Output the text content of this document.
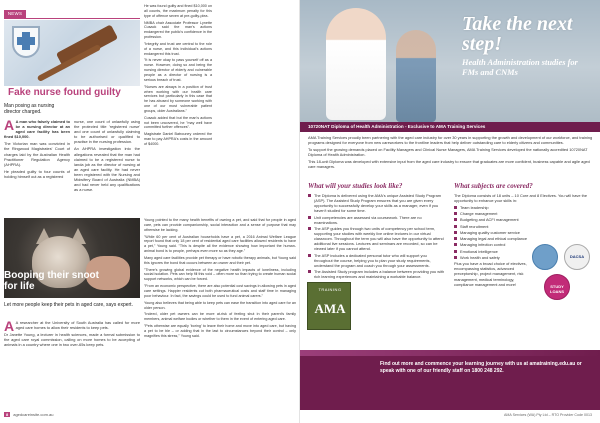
NEWS
Fake nurse found guilty
Man posing as nursing director charged.

A A man who falsely claimed to be a nursing director at an aged care facility has been fined $10,000.

The Victorian man was convicted in the Ringwood Magistrates' Court of charges laid by the Australian Health Practitioner Regulation Agency (AHPRA).

He pleaded guilty to four counts of holding himself out as a registered

nurse, one count of unlawfully using the protected title 'registered nurse' and one count of unlawfully claiming to be authorised or qualified to practise in the nursing profession.

An AHPRA investigation into the allegations revealed that the man had claimed to be a registered nurse to landa job as the director of nursing at an aged care facility. He had never been registered with the Nursing and Midwifery Board of Australia (NMBA) and had never held any qualifications as a nurse.

He was found guilty and fined $10,000 on all counts, the maximum penalty for this type of offence seven at pre-guilty-plea.

NMBA chair Associate Professor Lynette Cusack said the man's actions endangered the public's confidence in the profession.

"Integrity and trust are central to the role of a nurse, and this individual's actions endangered this trust.

"It is never okay to pass yourself off as a nurse. However, doing so and being the nursing director of elderly and vulnerable people as a director of nursing is a serious breach of trust.

"Nurses are always in a position of trust when working with our health care services but particularly in this case that he has abused by someone working with one of our most vulnerable patient groups, older Australians."

Cusack added that but the man's actions not been uncovered, he "may well have committed further offences".

Magistrate Daniel Batrouney ordered the man to pay AHPRA's costs in the amount of $4000.

Young pointed to the many health benefits of owning a pet, and said that for people in aged care, pets can provide companionship, social interaction and a sense of purpose that may otherwise be lacking.

"While 60 per cent of Australian households have a pet, a 2016 Animal Welfare League report found that only 18 per cent of residential aged care facilities allowed residents to have a pet," Young said. "This is despite all the evidence showing how important the human-animal bond is to people, perhaps even more so as they age."

Many aged care facilities provide pet therapy or have robotic therapy animals, but Young said this ignores the bond that occurs between an owner and their pet.

"There's growing global evidence of the negative health impacts of loneliness, including social isolation. Pets can help fill this void – often more so than trying to create human social support networks, which can be forced.

"From an economic perspective, there are also potential cost savings in allowing pets in aged care settings. Happier residents cut both pharmaceutical costs and staff time in managing poor behaviour. In fact, the savings could be used to fund animal carers."

Young also believes that being able to keep pets can ease the transition into aged care for an older person.

"Indeed, older pet owners can be more at-risk of feeling shut in their parent's family members, animal welfare bodies or whether to them in the event of entering aged care.

"Pets otherwise are equally 'boring' to leave their home and move into aged care, but having a pet to be ble – or adding that in the last to circumstances beyond their control – only magnifies this stress," Young said.

Booping their snoot for life
Let more people keep their pets in aged care, says expert.

A A researcher at the University of South Australia has called for more aged care homes to allow their residents to keep pets.

Dr Janette Young, a lecturer in health sciences, made a formal submission to the aged care royal commission, calling on more homes to be accepting of animals in a country where one in two over-65s keep pets.

8 agedcareinsite.com.au
Take the next step!
Health Administration studies for FMs and CNMs
10720NAT Diploma of Health Administration - Exclusive to AMA Training Services

AMA Training Services proudly been partnering with the aged care industry for over 30 years in supporting the growth and development of our workforce, and training programs designed for everyone from new careworkers to the frontline leaders that help deliver outstanding care to elderly citizens and communities.

To support the growing demands placed on Facility Managers and Clinical Nurse Managers, AMA Training Services developed the nationally accredited 10720NAT Diploma of Health Administration.

This 18-unit Diploma was developed with extensive input from the aged care industry to ensure that graduates are more confident, business capable and agile aged care managers.

What will your studies look like?
The Diploma is delivered using the AMA's unique Assisted Study Program (ASP). The Assisted Study Program ensures that you are given every opportunity to successfully develop your skills as a manager, even if you haven't studied for some time.
Unit competencies are assessed via coursework. There are no examinations.
The ASP guides you through two units of competency per school term, supporting your studies with weekly live online lectures in our virtual classroom. Throughout the term you will also have the opportunity to attend additional live sessions. Lectures and seminars are recorded, so can be viewed later if you cannot attend.
The ASP includes a dedicated personal tutor who will support you throughout the course, helping you to plan your study requirements, understand the program and coach you through your assessments.
The Assisted Study program includes a balance between providing you with rich learning experiences and maintaining a workable balance.
What subjects are covered?

The Diploma consists of 18 units – 10 Core and 8 Electives. You will have the opportunity to enhance your skills in:

Team leadership
Change management
Budgeting and ACFI management
Staff recruitment
Managing quality customer service
Managing legal and ethical compliance
Managing infection control
Emotional intelligence
Work health and safety

Plus you have a broad choice of electives, encompassing statistics, advanced preceptorship, project management, risk management, medical terminology, compliance management and more!

DACSA
STUDY LOANS
TRAINING
AMA
Find out more and commence your learning journey with us at amatraining.edu.au or speak with one of our friendly staff on 1800 248 292.
AMA Services (WA) Pty Ltd – RTO Provider Code 0013
